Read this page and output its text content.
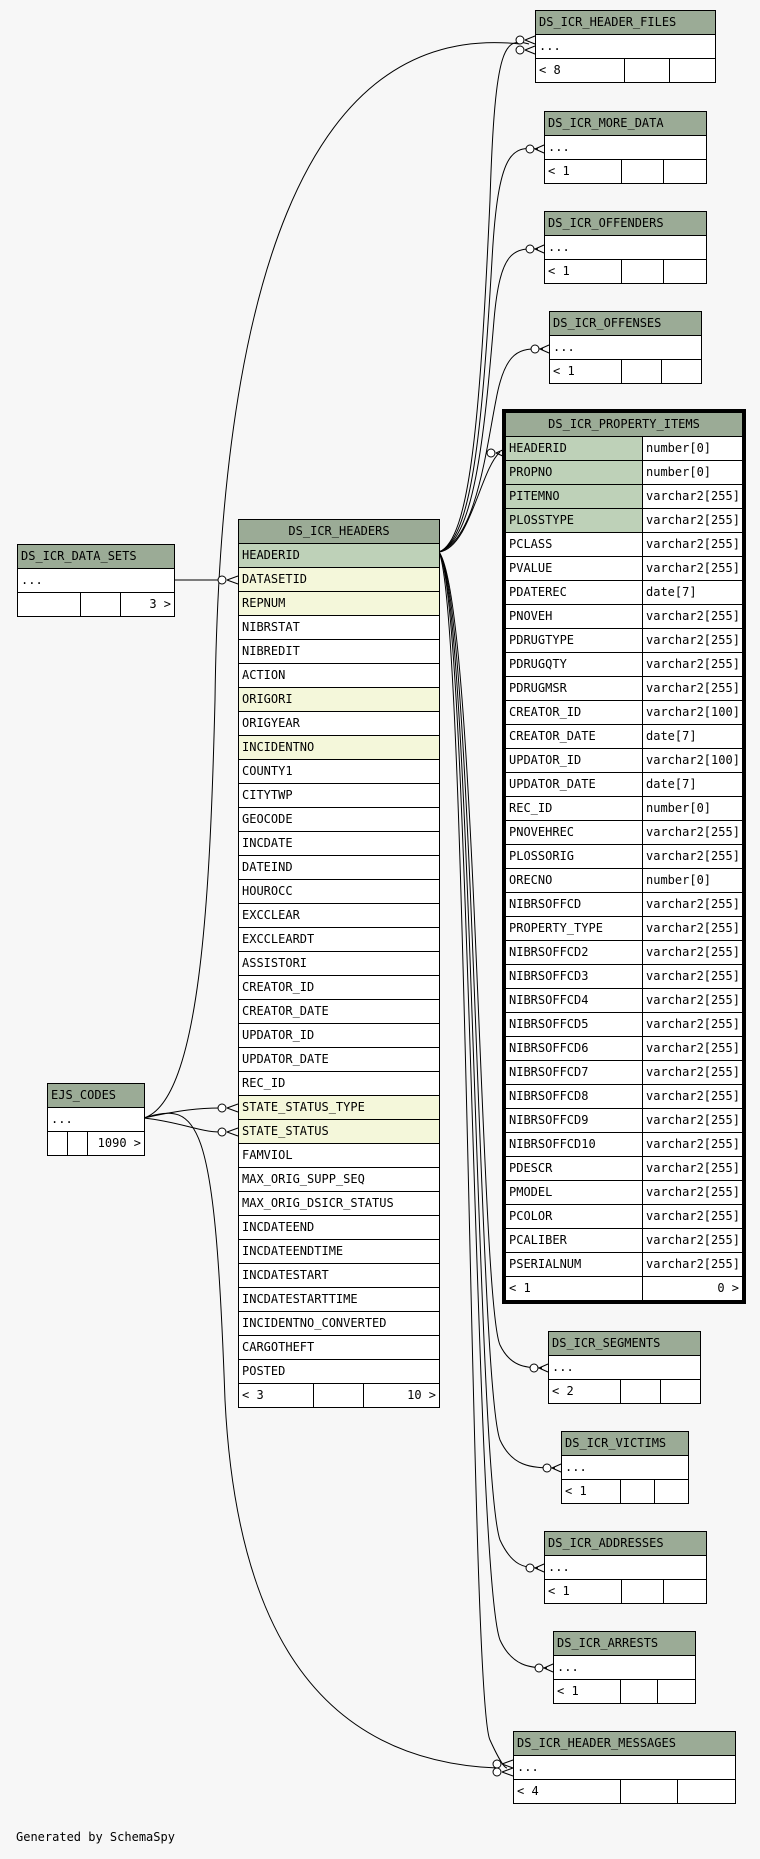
DS_ICR_HEADER_FILES
...
< 8		
DS_ICR_MORE_DATA
...
< 1		
DS_ICR_OFFENDERS
...
< 1		
DS_ICR_OFFENSES
...
< 1		
DS_ICR_DATA_SETS
...
		3 >
EJS_CODES
...
		1090 >
DS_ICR_SEGMENTS
...
< 2		
DS_ICR_VICTIMS
...
< 1		
DS_ICR_ADDRESSES
...
< 1		
DS_ICR_ARRESTS
...
< 1		
DS_ICR_HEADER_MESSAGES
...
< 4		
DS_ICR_HEADERS
HEADERID
DATASETID
REPNUM
NIBRSTAT
NIBREDIT
ACTION
ORIGORI
ORIGYEAR
INCIDENTNO
COUNTY1
CITYTWP
GEOCODE
INCDATE
DATEIND
HOUROCC
EXCCLEAR
EXCCLEARDT
ASSISTORI
CREATOR_ID
CREATOR_DATE
UPDATOR_ID
UPDATOR_DATE
REC_ID
STATE_STATUS_TYPE
STATE_STATUS
FAMVIOL
MAX_ORIG_SUPP_SEQ
MAX_ORIG_DSICR_STATUS
INCDATEEND
INCDATEENDTIME
INCDATESTART
INCDATESTARTTIME
INCIDENTNO_CONVERTED
CARGOTHEFT
POSTED
< 3		10 >
DS_ICR_PROPERTY_ITEMS	
HEADERID	number[0]
PROPNO	number[0]
PITEMNO	varchar2[255]
PLOSSTYPE	varchar2[255]
PCLASS	varchar2[255]
PVALUE	varchar2[255]
PDATEREC	date[7]
PNOVEH	varchar2[255]
PDRUGTYPE	varchar2[255]
PDRUGQTY	varchar2[255]
PDRUGMSR	varchar2[255]
CREATOR_ID	varchar2[100]
CREATOR_DATE	date[7]
UPDATOR_ID	varchar2[100]
UPDATOR_DATE	date[7]
REC_ID	number[0]
PNOVEHREC	varchar2[255]
PLOSSORIG	varchar2[255]
ORECNO	number[0]
NIBRSOFFCD	varchar2[255]
PROPERTY_TYPE	varchar2[255]
NIBRSOFFCD2	varchar2[255]
NIBRSOFFCD3	varchar2[255]
NIBRSOFFCD4	varchar2[255]
NIBRSOFFCD5	varchar2[255]
NIBRSOFFCD6	varchar2[255]
NIBRSOFFCD7	varchar2[255]
NIBRSOFFCD8	varchar2[255]
NIBRSOFFCD9	varchar2[255]
NIBRSOFFCD10	varchar2[255]
PDESCR	varchar2[255]
PMODEL	varchar2[255]
PCOLOR	varchar2[255]
PCALIBER	varchar2[255]
PSERIALNUM	varchar2[255]
< 1	0 >
Generated by SchemaSpy
